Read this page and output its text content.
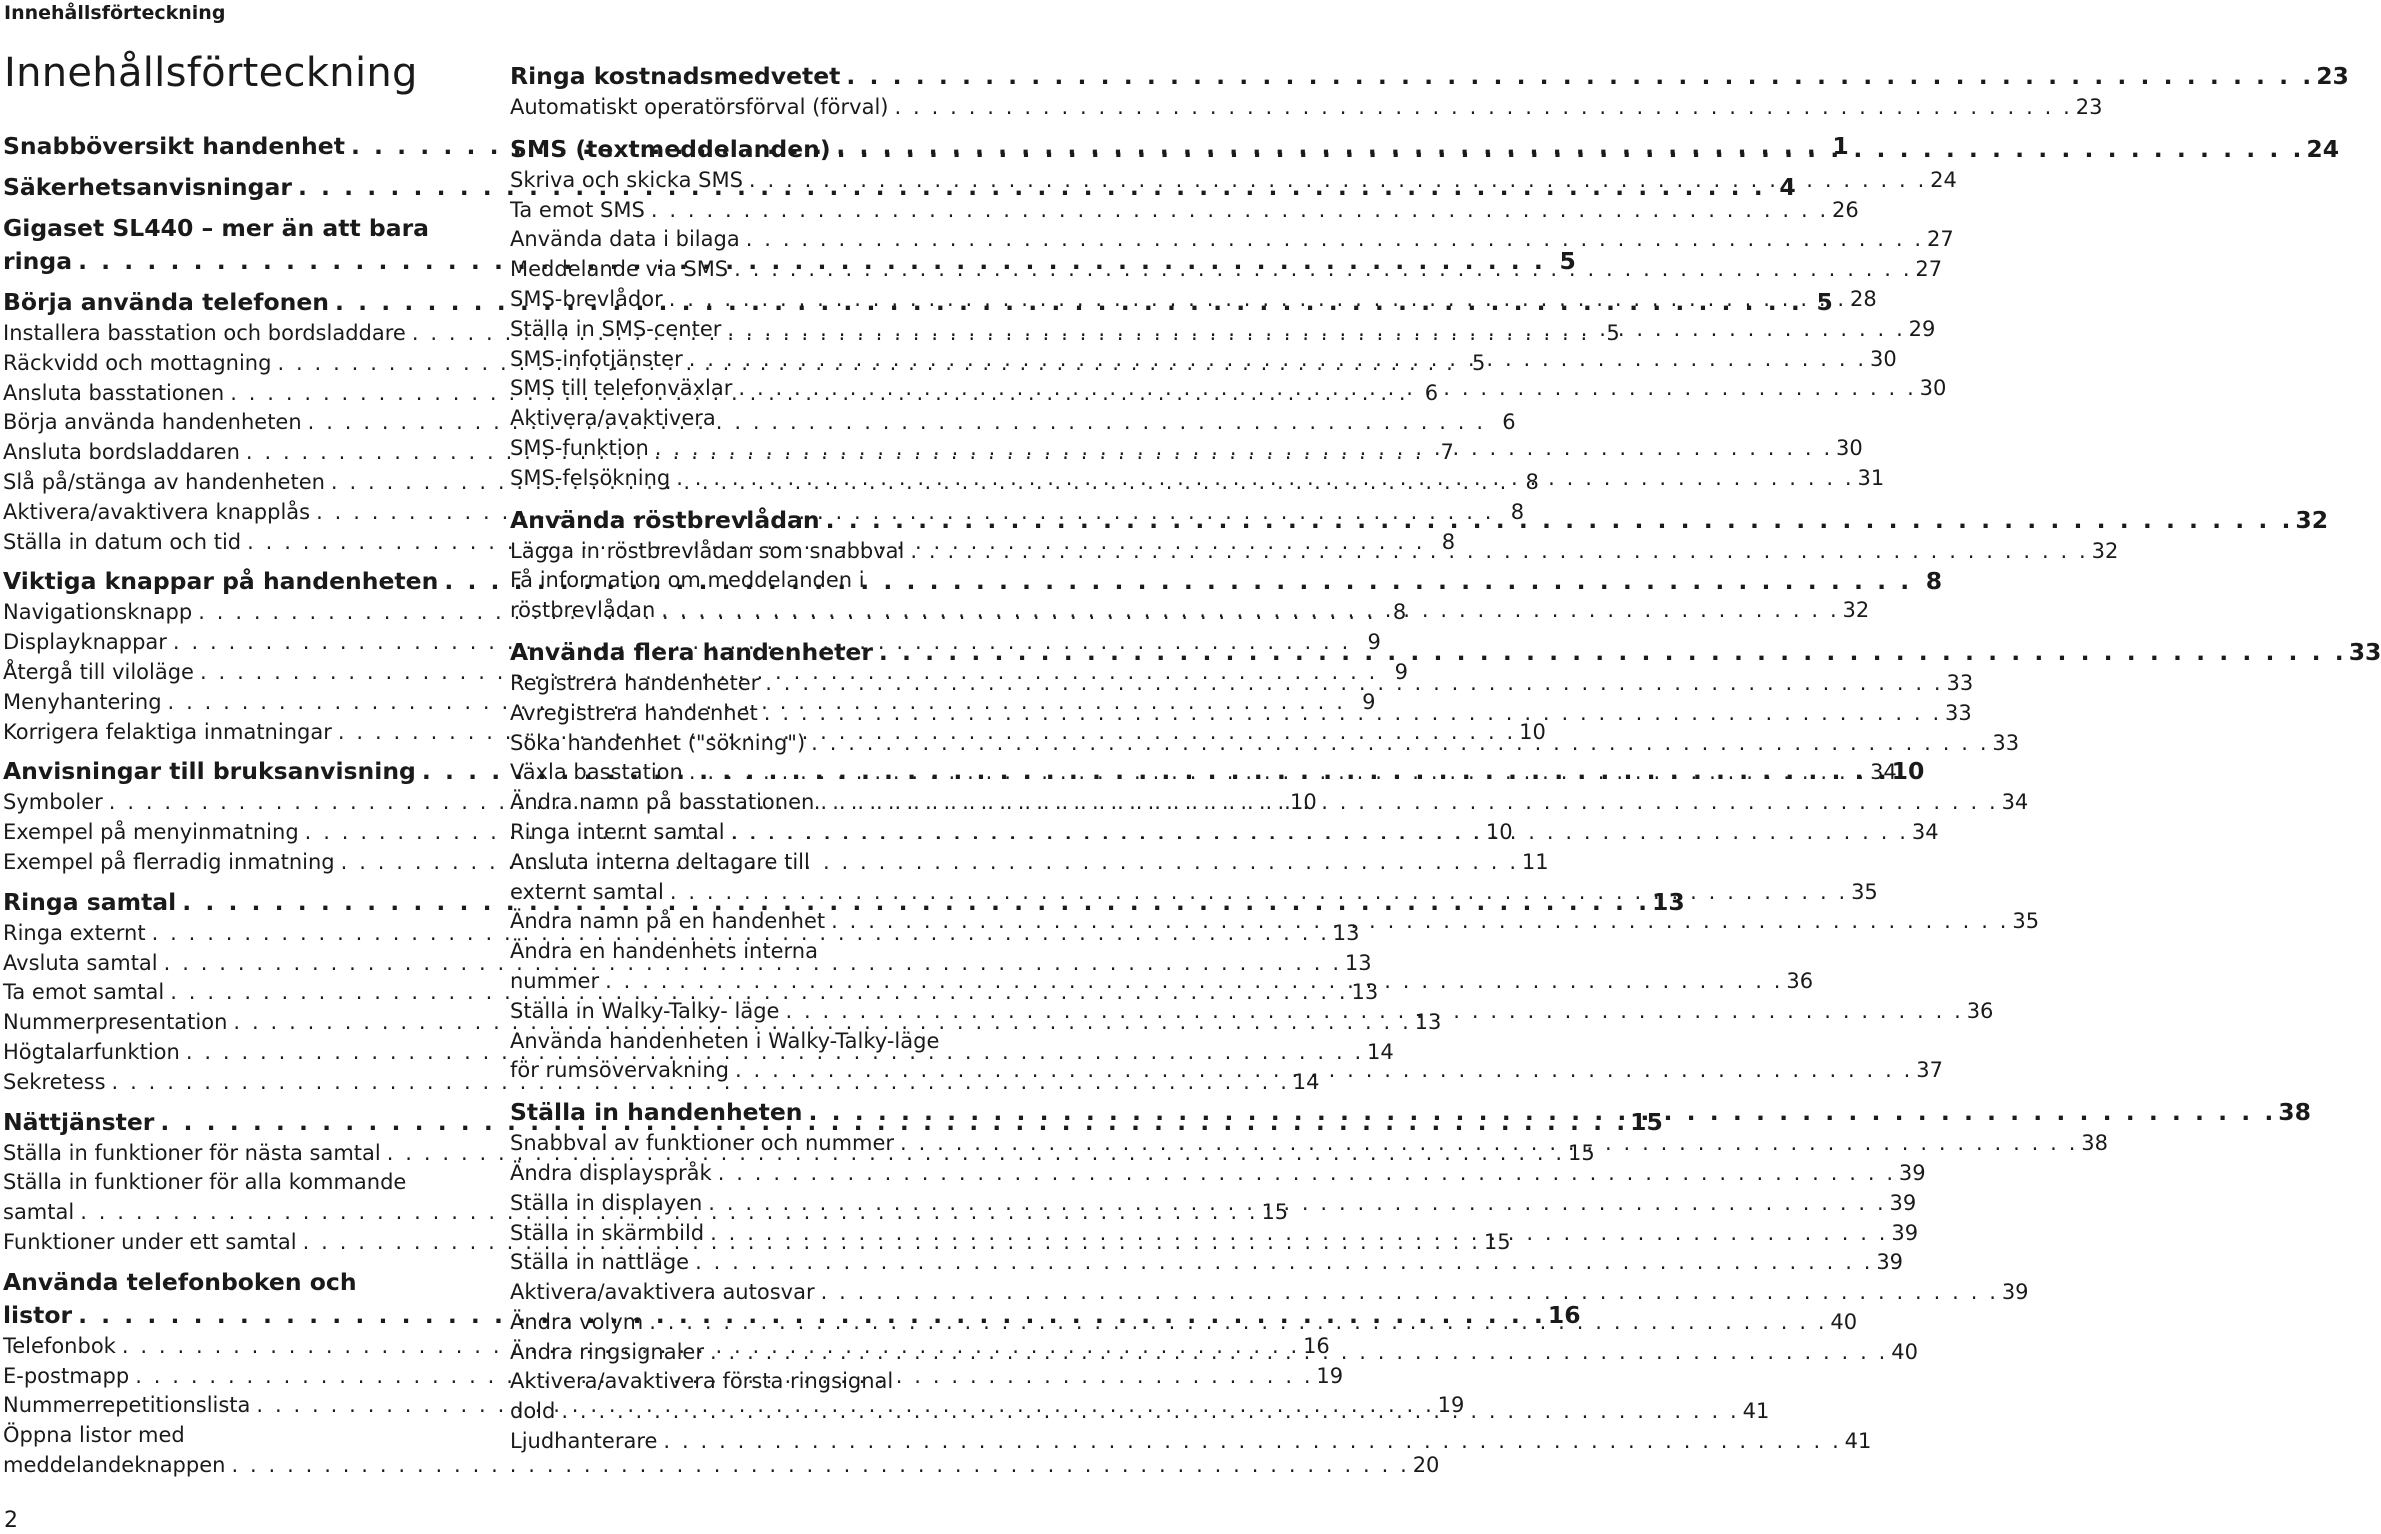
Innehållsförteckning
Innehållsförteckning
Snabböversikt handenhet . . .	1
Säkerhetsanvisningar . . .	4
Gigaset SL440 – mer än att bara
ringa . . .	5
Börja använda telefonen . . .	5
Installera basstation och bordsladdare . . .	5
Räckvidd och mottagning . . .	5
Ansluta basstationen . . .	6
Börja använda handenheten . . .	6
Ansluta bordsladdaren . . .	7
Slå på/stänga av handenheten . . .	8
Aktivera/avaktivera knapplås . . .	8
Ställa in datum och tid . . .	8
Viktiga knappar på handenheten . . .	8
Navigationsknapp . . .	8
Displayknappar . . .	9
Återgå till viloläge . . .	9
Menyhantering . . .	9
Korrigera felaktiga inmatningar . . .	10
Anvisningar till bruksanvisning . . .	10
Symboler . . .	10
Exempel på menyinmatning . . .	10
Exempel på flerradig inmatning . . .	11
Ringa samtal . . .	13
Ringa externt . . .	13
Avsluta samtal . . .	13
Ta emot samtal . . .	13
Nummerpresentation . . .	13
Högtalarfunktion . . .	14
Sekretess . . .	14
Nättjänster . . .	15
Ställa in funktioner för nästa samtal . . .	15
Ställa in funktioner för alla kommande
samtal . . .	15
Funktioner under ett samtal . . .	15
Använda telefonboken och
listor . . .	16
Telefonbok . . .	16
E-postmapp . . .	19
Nummerrepetitionslista . . .	19
Öppna listor med
meddelandeknappen . . .	20
Ringa kostnadsmedvetet . . .	23
Automatiskt operatörsförval (förval) . . .	23
SMS (textmeddelanden) . . .	24
Skriva och skicka SMS . . .	24
Ta emot SMS . . .	26
Använda data i bilaga . . .	27
Meddelande via SMS . . .	27
SMS-brevlådor . . .	28
Ställa in SMS-center . . .	29
SMS-infotjänster . . .	30
SMS till telefonväxlar . . .	30
Aktivera/avaktivera
SMS-funktion . . .	30
SMS-felsökning . . .	31
Använda röstbrevlådan . . .	32
Lägga in röstbrevlådan som snabbval . . .	32
Få information om meddelanden i
röstbrevlådan . . .	32
Använda flera handenheter . . .	33
Registrera handenheter . . .	33
Avregistrera handenhet . . .	33
Söka handenhet ("sökning") . . .	33
Växla basstation . . .	34
Ändra namn på basstationen . . .	34
Ringa internt samtal . . .	34
Ansluta interna deltagare till
externt samtal . . .	35
Ändra namn på en handenhet . . .	35
Ändra en handenhets interna
nummer . . .	36
Ställa in Walky-Talky- läge . . .	36
Använda handenheten i Walky-Talky-läge
för rumsövervakning . . .	37
Ställa in handenheten . . .	38
Snabbval av funktioner och nummer . . .	38
Ändra displayspråk . . .	39
Ställa in displayen . . .	39
Ställa in skärmbild . . .	39
Ställa in nattläge . . .	39
Aktivera/avaktivera autosvar . . .	39
Ändra volym . . .	40
Ändra ringsignaler . . .	40
Aktivera/avaktivera första ringsignal
dold . . .	41
Ljudhanterare . . .	41
2
